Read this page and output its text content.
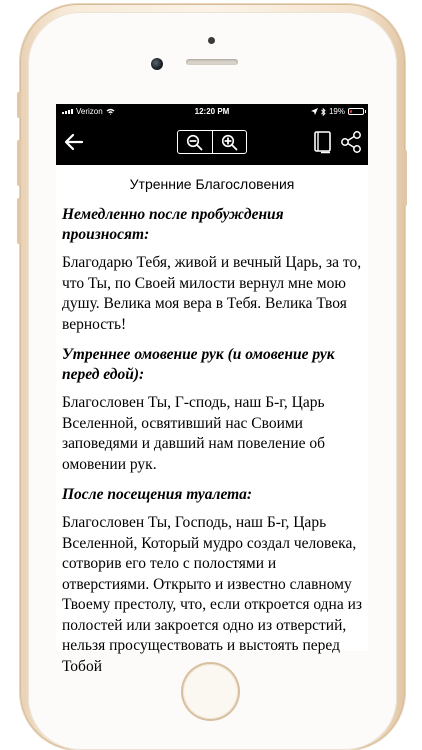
Verizon	12:20 PM	19%
Утренние Благословения
Немедленно после пробуждения произносят:
Благодарю Тебя, живой и вечный Царь, за то, что Ты, по Своей милости вернул мне мою душу. Велика моя вера в Тебя. Велика Твоя верность!
Утреннее омовение рук (и омовение рук перед едой):
Благословен Ты, Г-сподь, наш Б-г, Царь Вселенной, освятивший нас Своими заповедями и давший нам повеление об омовении рук.
После посещения туалета:
Благословен Ты, Господь, наш Б-г, Царь Вселенной, Который мудро создал человека, сотворив его тело с полостями и отверстиями. Открыто и известно славному Твоему престолу, что, если откроется одна из полостей или закроется одно из отверстий, нельзя просуществовать и выстоять перед Тобой
